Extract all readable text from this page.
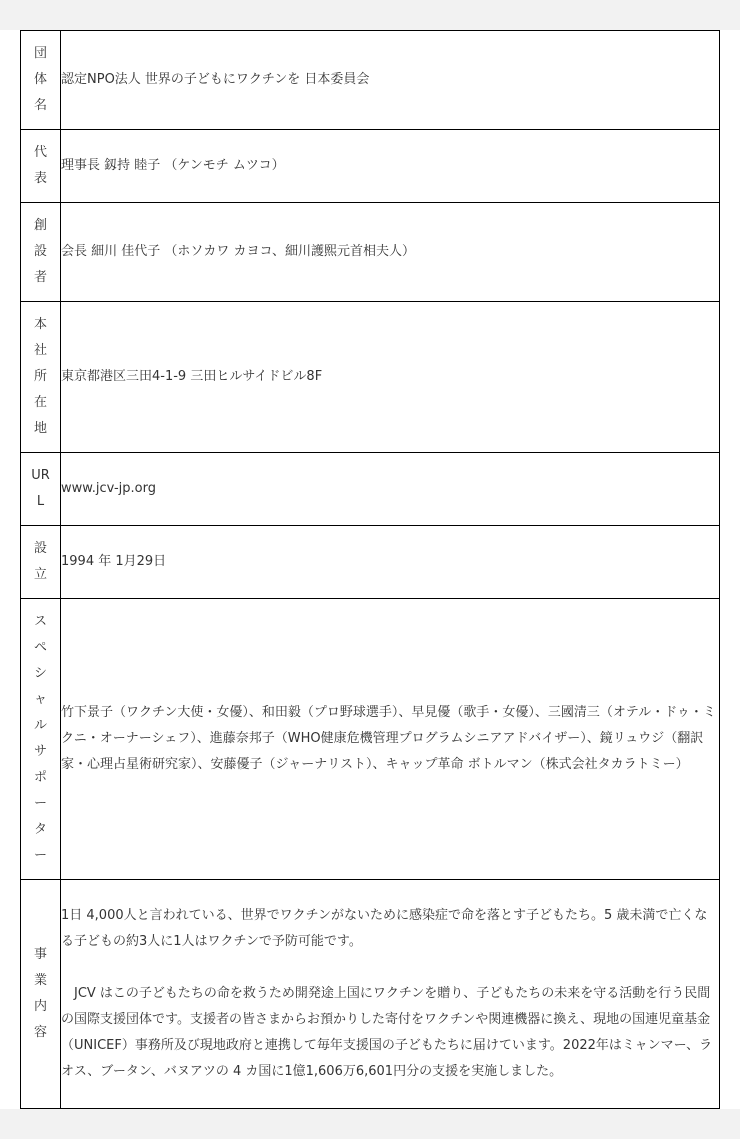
団体名	認定NPO法人 世界の子どもにワクチンを 日本委員会

代表	理事長 釼持 睦子 （ケンモチ ムツコ）

創設者	会長 細川 佳代子 （ホソカワ カヨコ、細川護熙元首相夫人）

本社所在地	東京都港区三田4-1-9 三田ヒルサイドビル8F

URL	www.jcv-jp.org

設立	1994 年 1月29日

スペシャルサポーター	竹下景子（ワクチン大使・女優）、和田毅（プロ野球選手）、早見優（歌手・女優）、三國清三（オテル・ドゥ・ミクニ・オーナーシェフ）、進藤奈邦子（WHO健康危機管理プログラムシニアアドバイザー）、鏡リュウジ（翻訳家・心理占星術研究家）、安藤優子（ジャーナリスト）、キャップ革命 ボトルマン（株式会社タカラトミー）

事業内容	1日 4,000人と言われている、世界でワクチンがないために感染症で命を落とす子どもたち。5 歳未満で亡くなる子どもの約3人に1人はワクチンで予防可能です。

　JCV はこの子どもたちの命を救うため開発途上国にワクチンを贈り、子どもたちの未来を守る活動を行う民間の国際支援団体です。支援者の皆さまからお預かりした寄付をワクチンや関連機器に換え、現地の国連児童基金（UNICEF）事務所及び現地政府と連携して毎年支援国の子どもたちに届けています。2022年はミャンマー、ラオス、ブータン、バヌアツの 4 カ国に1億1,606万6,601円分の支援を実施しました。
